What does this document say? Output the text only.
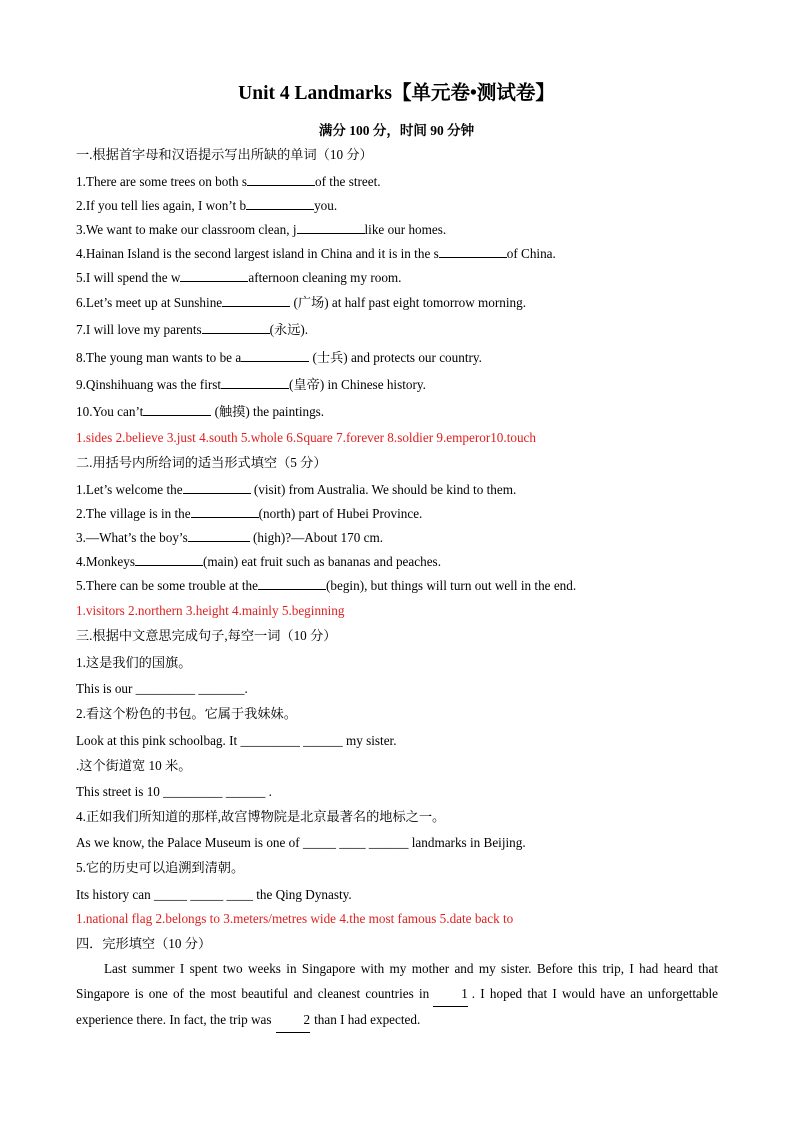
Unit 4 Landmarks【单元卷•测试卷】
满分 100 分，时间 90 分钟
一.根据首字母和汉语提示写出所缺的单词（10 分）
1.There are some trees on both s	of the street.
2.If you tell lies again, I won’t b	you.
3.We want to make our classroom clean, j	like our homes.
4.Hainan Island is the second largest island in China and it is in the s	of China.
5.I will spend the w	afternoon cleaning my room.
6.Let’s meet up at Sunshine	(广场) at half past eight tomorrow morning.
7.I will love my parents	(永远).
8.The young man wants to be a	(士兵) and protects our country.
9.Qinshihuang was the first	(皇帝) in Chinese history.
10.You can’t	(触摸) the paintings.
1.sides 2.believe 3.just 4.south 5.whole 6.Square 7.forever 8.soldier 9.emperor10.touch
二.用括号内所给词的适当形式填空（5 分）
1.Let’s welcome the	(visit) from Australia. We should be kind to them.
2.The village is in the	(north) part of Hubei Province.
3.—What’s the boy’s	(high)?—About 170 cm.
4.Monkeys	(main) eat fruit such as bananas and peaches.
5.There can be some trouble at the	(begin), but things will turn out well in the end.
1.visitors 2.northern 3.height 4.mainly 5.beginning
三.根据中文意思完成句子,每空一词（10 分）
1.这是我们的国旗。
This is our _________ _______.
2.看这个粉色的书包。它属于我妹妹。
Look at this pink schoolbag. It _________ ______ my sister.
.这个街道宽 10 米。
This street is 10 _________ ______ .
4.正如我们所知道的那样,故宫博物院是北京最著名的地标之一。
As we know, the Palace Museum is one of _____ ____ ______ landmarks in Beijing.
5.它的历史可以追溯到清朝。
Its history can _____ _____ ____ the Qing Dynasty.
1.national flag 2.belongs to 3.meters/metres wide 4.the most famous 5.date back to
四．完形填空（10 分）
Last summer I spent two weeks in Singapore with my mother and my sister. Before this trip, I had heard that Singapore is one of the most beautiful and cleanest countries in 1 . I hoped that I would have an unforgettable experience there. In fact, the trip was 2 than I had expected.
